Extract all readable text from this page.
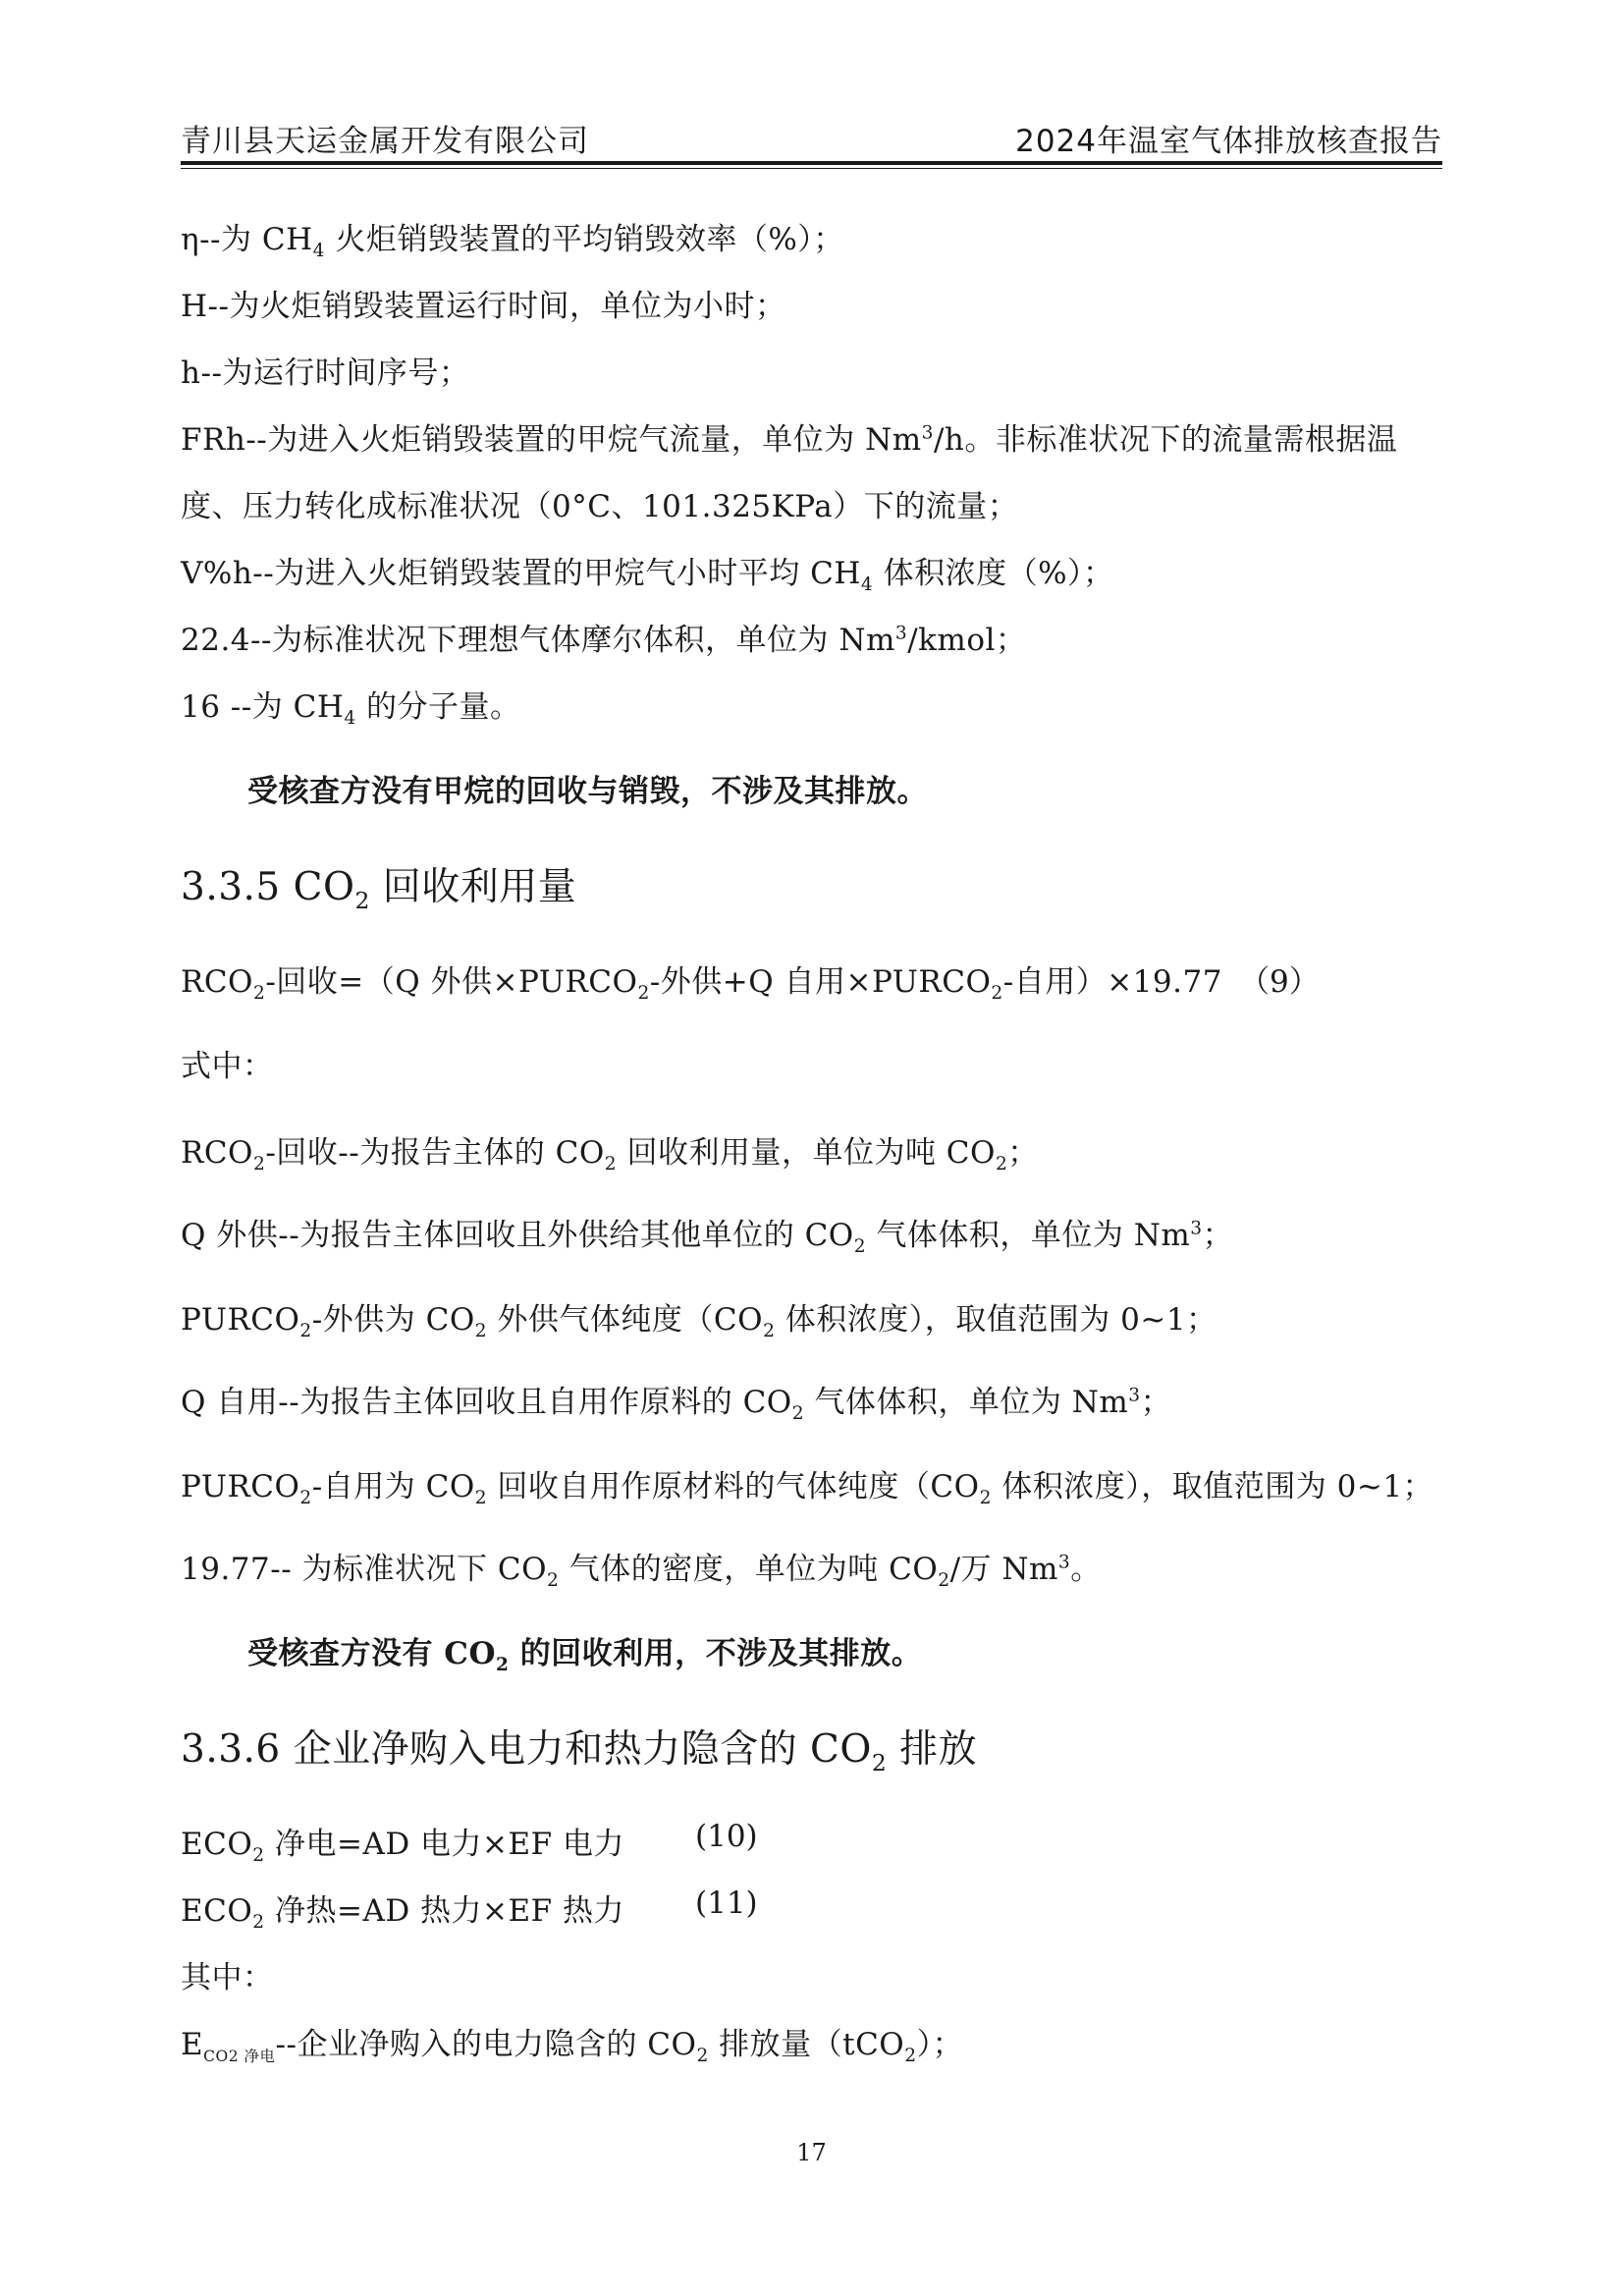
青川县天运金属开发有限公司	2024年温室气体排放核查报告
η--为 $CH_4$ 火炬销毁装置的平均销毁效率（%）；
H--为火炬销毁装置运行时间，单位为小时；
h--为运行时间序号；
FRh--为进入火炬销毁装置的甲烷气流量，单位为 Nm$^3$/h。非标准状况下的流量需根据温
度、压力转化成标准状况（0°C、101.325KPa）下的流量；
V%h--为进入火炬销毁装置的甲烷气小时平均 $CH_4$ 体积浓度（%）；
22.4--为标准状况下理想气体摩尔体积，单位为 Nm$^3$/kmol；
16 --为 $CH_4$ 的分子量。
受核查方没有甲烷的回收与销毁，不涉及其排放。
3.3.5 $CO_2$ 回收利用量
$RCO_2-$回收=（Q 外供$\times PURCO_2-$外供+Q 自用$\times PURCO_2-$自用）×19.77 （9）
式中：
$RCO_2-$回收--为报告主体的 $CO_2$ 回收利用量，单位为吨 $CO_2$；
Q 外供--为报告主体回收且外供给其他单位的 $CO_2$ 气体体积，单位为 Nm$^3$；
$PURCO_2-$外供为 $CO_2$ 外供气体纯度（$CO_2$ 体积浓度），取值范围为 0~1；
Q 自用--为报告主体回收且自用作原料的 $CO_2$ 气体体积，单位为 Nm$^3$；
$PURCO_2-$自用为 $CO_2$ 回收自用作原材料的气体纯度（$CO_2$ 体积浓度），取值范围为 0~1；
19.77-- 为标准状况下 $CO_2$ 气体的密度，单位为吨 $CO_2/$万 Nm$^3$。
受核查方没有 $CO_2$ 的回收利用，不涉及其排放。
3.3.6 企业净购入电力和热力隐含的 $CO_2$ 排放
$ECO_2$ 净电=AD 电力×EF 电力 (10)
$ECO_2$ 净热=AD 热力×EF 热力 (11)
其中：
$E_{CO2 净电}--$企业净购入的电力隐含的 $CO_2$ 排放量（tCO$_2$）；
17
